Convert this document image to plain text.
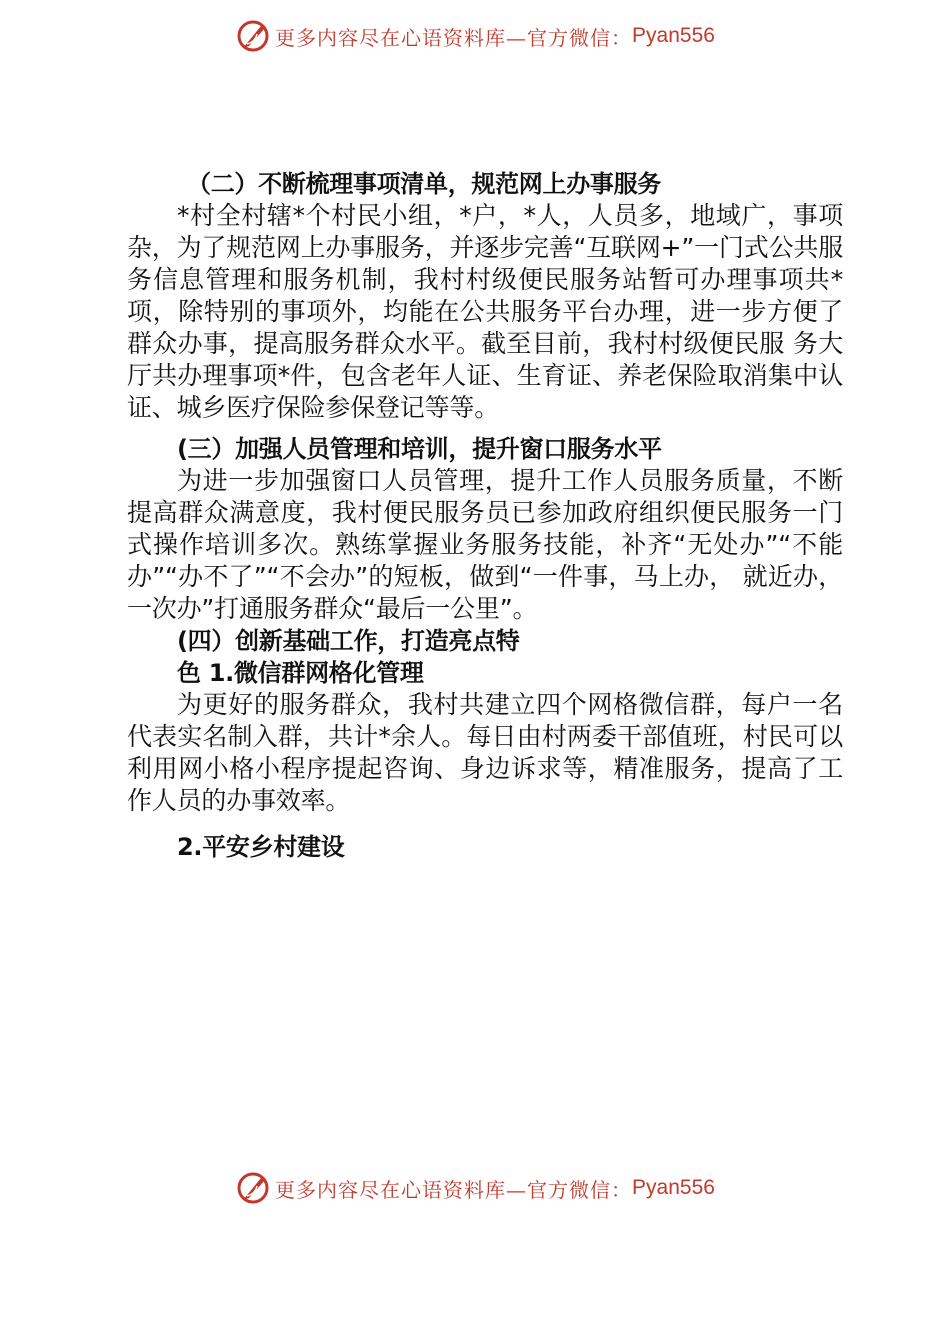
更多内容尽在心语资料库—官方微信： Pyan556

（二）不断梳理事项清单，规范网上办事服务

*村全村辖*个村民小组，*户，*人，人员多，地域广，事项杂，为了规范网上办事服务，并逐步完善“互联网+”一门式公共服务信息管理和服务机制，我村村级便民服务站暂可办理事项共*项，除特别的事项外，均能在公共服务平台办理，进一步方便了群众办事，提高服务群众水平。截至目前，我村村级便民服 务大厅共办理事项*件，包含老年人证、生育证、养老保险取消集中认证、城乡医疗保险参保登记等等。

(三）加强人员管理和培训，提升窗口服务水平

为进一步加强窗口人员管理，提升工作人员服务质量，不断提高群众满意度，我村便民服务员已参加政府组织便民服务一门式操作培训多次。熟练掌握业务服务技能，补齐“无处办”“不能办”“办不了”“不会办”的短板，做到“一件事，马上办， 就近办，一次办”打通服务群众“最后一公里”。

(四）创新基础工作，打造亮点特

色 1.微信群网格化管理

为更好的服务群众，我村共建立四个网格微信群，每户一名代表实名制入群，共计*余人。每日由村两委干部值班，村民可以利用网小格小程序提起咨询、身边诉求等，精准服务，提高了工作人员的办事效率。

2.平安乡村建设

更多内容尽在心语资料库—官方微信： Pyan556
